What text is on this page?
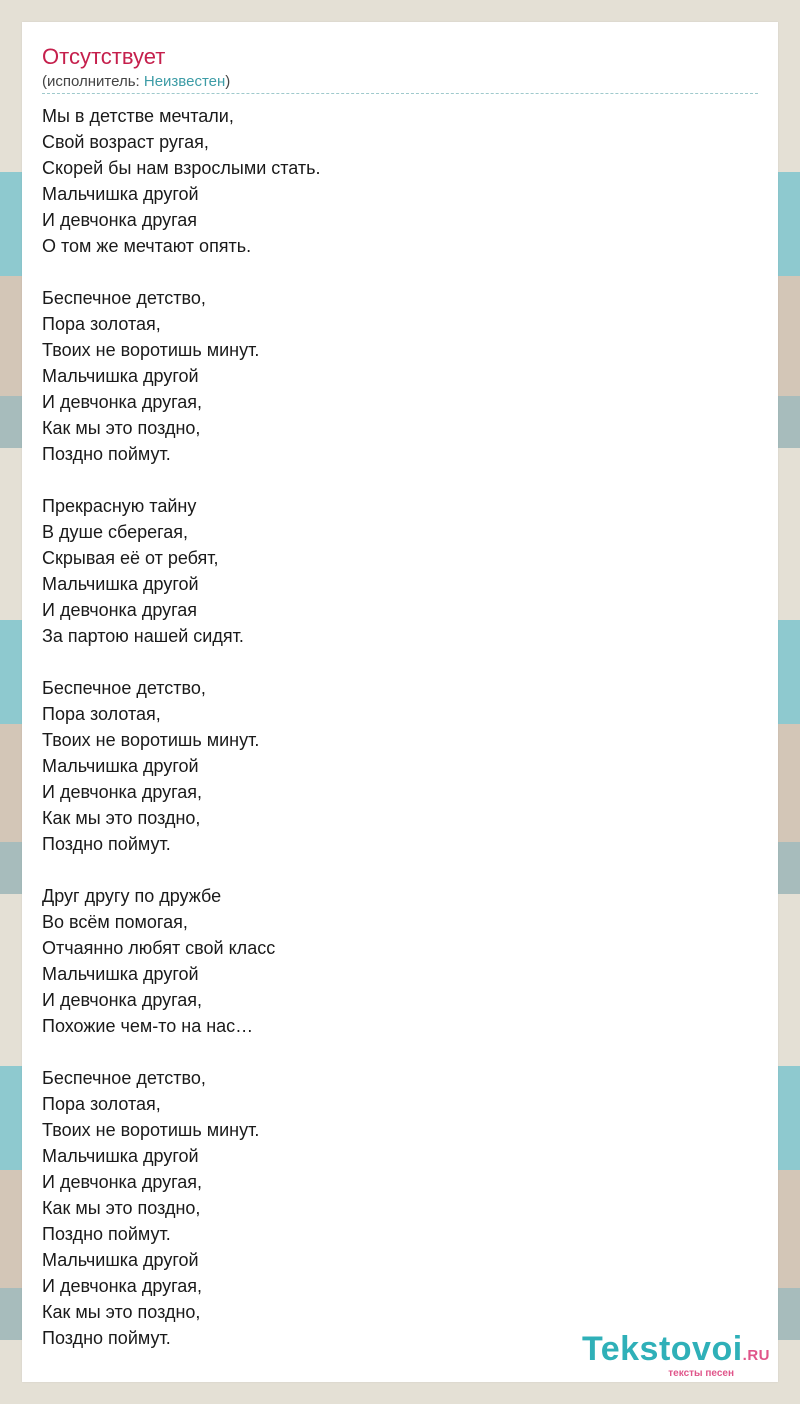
Отсутствует
(исполнитель: Неизвестен)
Мы в детстве мечтали,
Свой возраст ругая,
Скорей бы нам взрослыми стать.
Мальчишка другой
И девчонка другая
О том же мечтают опять.
Беспечное детство,
Пора золотая,
Твоих не воротишь минут.
Мальчишка другой
И девчонка другая,
Как мы это поздно,
Поздно поймут.
Прекрасную тайну
В душе сберегая,
Скрывая её от ребят,
Мальчишка другой
И девчонка другая
За партою нашей сидят.
Беспечное детство,
Пора золотая,
Твоих не воротишь минут.
Мальчишка другой
И девчонка другая,
Как мы это поздно,
Поздно поймут.
Друг другу по дружбе
Во всём помогая,
Отчаянно любят свой класс
Мальчишка другой
И девчонка другая,
Похожие чем-то на нас…
Беспечное детство,
Пора золотая,
Твоих не воротишь минут.
Мальчишка другой
И девчонка другая,
Как мы это поздно,
Поздно поймут.
Мальчишка другой
И девчонка другая,
Как мы это поздно,
Поздно поймут.	Tekstovoi.RU
тексты песен
